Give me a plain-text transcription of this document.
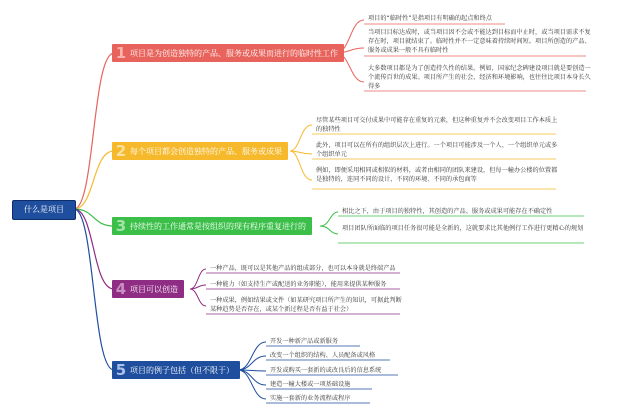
什么是项目
1 项目是为创造独特的产品、服务或成果而进行的临时性工作
项目的“临时性”是指项目有明确的起点和终点
当项目目标达成时，或当项目因不会或不能达到目标而中止时，或当项目需求不复存在时，项目就结束了。临时性并不一定意味着持续时间短。项目所创造的产品、服务或成果一般不具有临时性
大多数项目都是为了创造持久性的结果。例如，国家纪念碑建设项目就是要创造一个流传百世的成果。项目所产生的社会、经济和环境影响，也往往比项目本身长久得多
2 每个项目都会创造独特的产品、服务或成果
尽管某些项目可交付成果中可能存在重复的元素，但这种重复并不会改变项目工作本质上的独特性
此外，项目可以在所有的组织层次上进行。一个项目可能涉及一个人、一个组织单元或多个组织单元
例如，即便采用相同或相似的材料，或者由相同的团队来建设，但每一幢办公楼的位置都是独特的，连同不同的设计、不同的环境、不同的承包商等
3 持续性的工作通常是按组织的现有程序重复进行的
相比之下，由于项目的独特性，其创造的产品、服务或成果可能存在不确定性
项目团队所面临的项目任务很可能是全新的，这就要求比其他例行工作进行更精心的规划
4 项目可以创造
一种产品，既可以是其他产品的组成部分，也可以本身就是终端产品
一种能力（如支持生产或配送的业务职能），能用来提供某种服务
一种成果，例如结果或文件（如某研究项目所产生的知识，可据此判断某种趋势是否存在，或某个新过程是否有益于社会）
5 项目的例子包括（但不限于）
开发一种新产品或新服务
改变一个组织的结构、人员配备或风格
开发或购买一套新的或改良后的信息系统
建造一幢大楼或一项基础设施
实施一套新的业务流程或程序
